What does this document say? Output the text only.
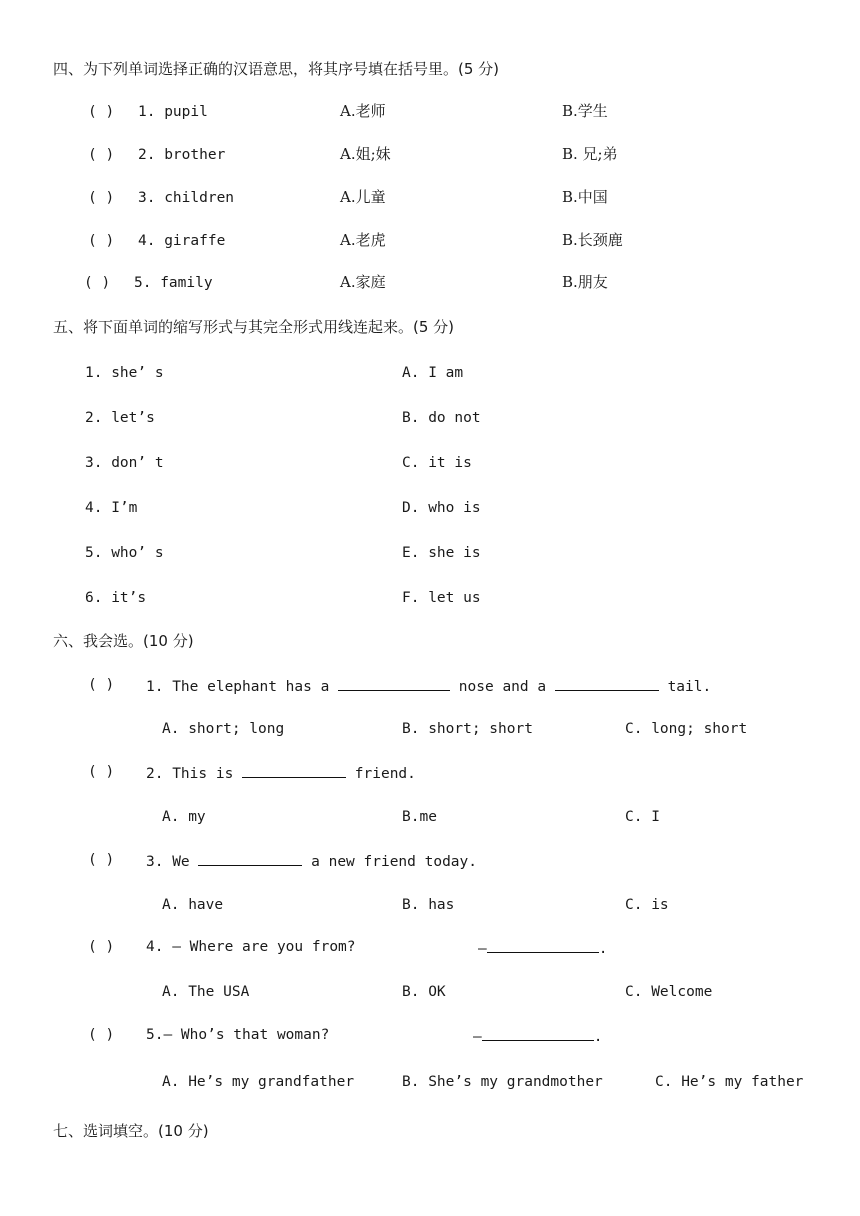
四、为下列单词选择正确的汉语意思，将其序号填在括号里。(5 分)
( ) 1. pupil	A.老师	B.学生
( ) 2. brother	A.姐;妹	B. 兄;弟
( ) 3. children	A.儿童	B.中国
( ) 4. giraffe	A.老虎	B.长颈鹿
( ) 5. family	A.家庭	B.朋友
五、将下面单词的缩写形式与其完全形式用线连起来。(5 分)
1. she’ s	A. I am
2. let’s	B. do not
3. don’ t	C. it is
4. I’m	D. who is
5. who’ s	E. she is
6. it’s	F. let us
六、我会选。(10 分)
( ) 1. The elephant has a	nose and a	tail.
A. short; long	B. short; short	C. long; short
( ) 2. This is	friend.
A. my	B.me	C. I
( ) 3. We	a new friend today.
A. have	B. has	C. is
( ) 4. — Where are you from?	—	.
A. The USA	B. OK	C. Welcome
( ) 5.— Who’s that woman?	—	.
A. He’s my grandfather	B. She’s my grandmother	C. He’s my father
七、选词填空。(10 分)
